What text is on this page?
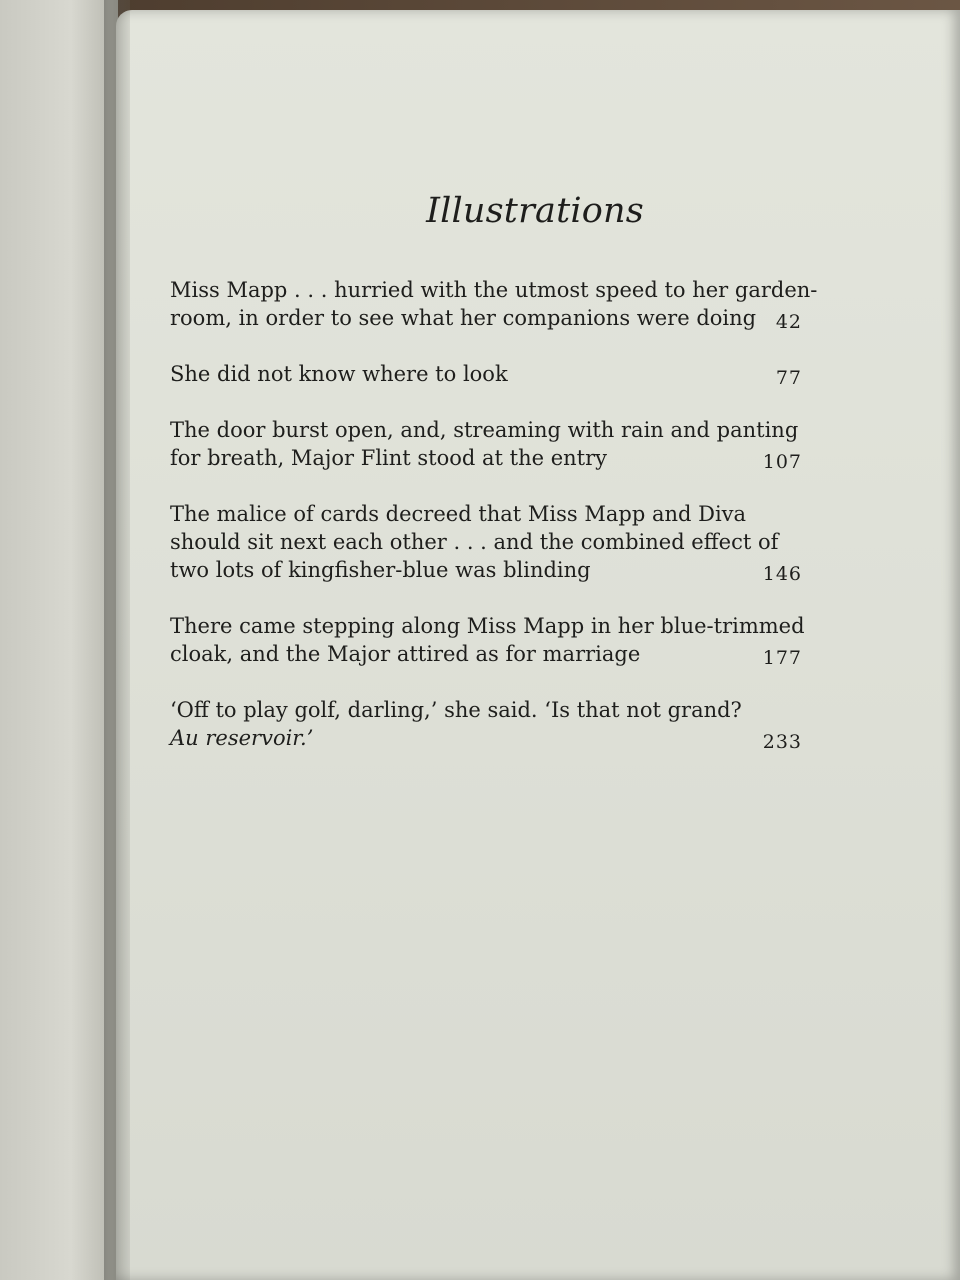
Illustrations
Miss Mapp . . . hurried with the utmost speed to her garden-
room, in order to see what her companions were doing	42
She did not know where to look	77
The door burst open, and, streaming with rain and panting
for breath, Major Flint stood at the entry	107
The malice of cards decreed that Miss Mapp and Diva
should sit next each other . . . and the combined effect of
two lots of kingfisher-blue was blinding	146
There came stepping along Miss Mapp in her blue-trimmed
cloak, and the Major attired as for marriage	177
‘Off to play golf, darling,’ she said. ‘Is that not grand?
Au reservoir.’	233
